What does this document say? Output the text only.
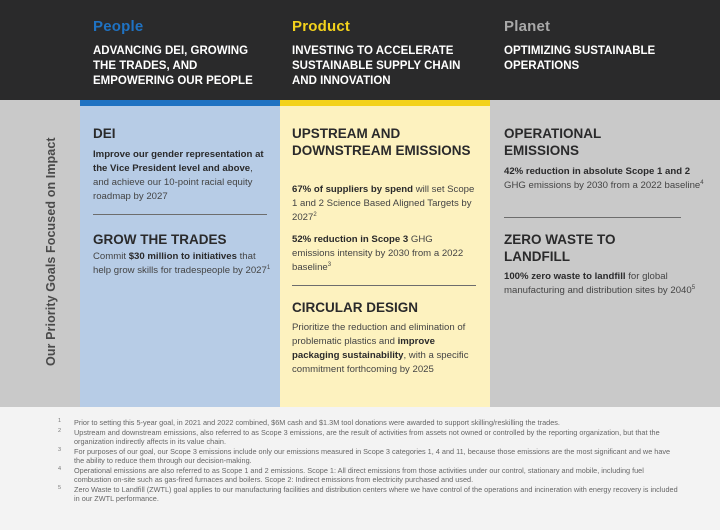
People
ADVANCING DEI, GROWING THE TRADES, AND EMPOWERING OUR PEOPLE
Product
INVESTING TO ACCELERATE SUSTAINABLE SUPPLY CHAIN AND INNOVATION
Planet
OPTIMIZING SUSTAINABLE OPERATIONS
Our Priority Goals Focused on Impact
DEI
Improve our gender representation at the Vice President level and above, and achieve our 10-point racial equity roadmap by 2027
GROW THE TRADES
Commit $30 million to initiatives that help grow skills for tradespeople by 2027$^1$
UPSTREAM AND DOWNSTREAM EMISSIONS
67% of suppliers by spend will set Scope 1 and 2 Science Based Aligned Targets by 2027$^2$
52% reduction in Scope 3 GHG emissions intensity by 2030 from a 2022 baseline$^3$
CIRCULAR DESIGN
Prioritize the reduction and elimination of problematic plastics and improve packaging sustainability, with a specific commitment forthcoming by 2025
OPERATIONAL EMISSIONS
42% reduction in absolute Scope 1 and 2 GHG emissions by 2030 from a 2022 baseline$^4$
ZERO WASTE TO LANDFILL
100% zero waste to landfill for global manufacturing and distribution sites by 2040$^5$
1 Prior to setting this 5-year goal, in 2021 and 2022 combined, $6M cash and $1.3M tool donations were awarded to support skilling/reskilling the trades.
2 Upstream and downstream emissions, also referred to as Scope 3 emissions, are the result of activities from assets not owned or controlled by the reporting organization, but that the organization indirectly affects in its value chain.
3 For purposes of our goal, our Scope 3 emissions include only our emissions measured in Scope 3 categories 1, 4 and 11, because those emissions are the most significant and we have the ability to reduce them through our decision-making.
4 Operational emissions are also referred to as Scope 1 and 2 emissions. Scope 1: All direct emissions from those activities under our control, stationary and mobile, including fuel combustion on-site such as gas-fired furnaces and boilers. Scope 2: Indirect emissions from electricity purchased and used.
5 Zero Waste to Landfill (ZWTL) goal applies to our manufacturing facilities and distribution centers where we have control of the operations and incineration with energy recovery is included in our ZWTL performance.
